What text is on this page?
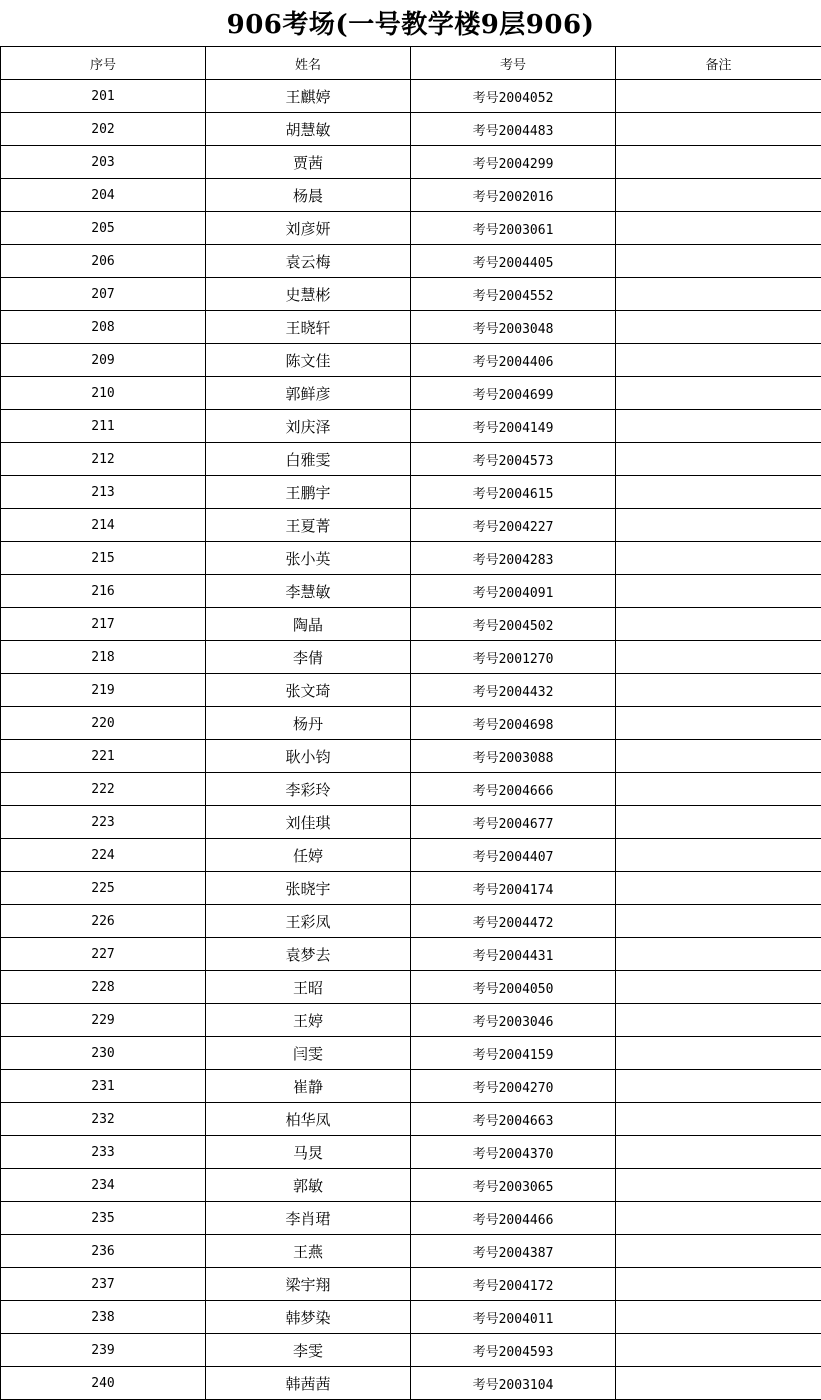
906考场(一号教学楼9层906)
序号	姓名	考号	备注
201	王麒婷	考号2004052	
202	胡慧敏	考号2004483	
203	贾茜	考号2004299	
204	杨晨	考号2002016	
205	刘彦妍	考号2003061	
206	袁云梅	考号2004405	
207	史慧彬	考号2004552	
208	王晓轩	考号2003048	
209	陈文佳	考号2004406	
210	郭鲜彦	考号2004699	
211	刘庆泽	考号2004149	
212	白雅雯	考号2004573	
213	王鹏宇	考号2004615	
214	王夏菁	考号2004227	
215	张小英	考号2004283	
216	李慧敏	考号2004091	
217	陶晶	考号2004502	
218	李倩	考号2001270	
219	张文琦	考号2004432	
220	杨丹	考号2004698	
221	耿小钧	考号2003088	
222	李彩玲	考号2004666	
223	刘佳琪	考号2004677	
224	任婷	考号2004407	
225	张晓宇	考号2004174	
226	王彩凤	考号2004472	
227	袁梦去	考号2004431	
228	王昭	考号2004050	
229	王婷	考号2003046	
230	闫雯	考号2004159	
231	崔静	考号2004270	
232	柏华凤	考号2004663	
233	马炅	考号2004370	
234	郭敏	考号2003065	
235	李肖珺	考号2004466	
236	王燕	考号2004387	
237	梁宇翔	考号2004172	
238	韩梦染	考号2004011	
239	李雯	考号2004593	
240	韩茜茜	考号2003104	
